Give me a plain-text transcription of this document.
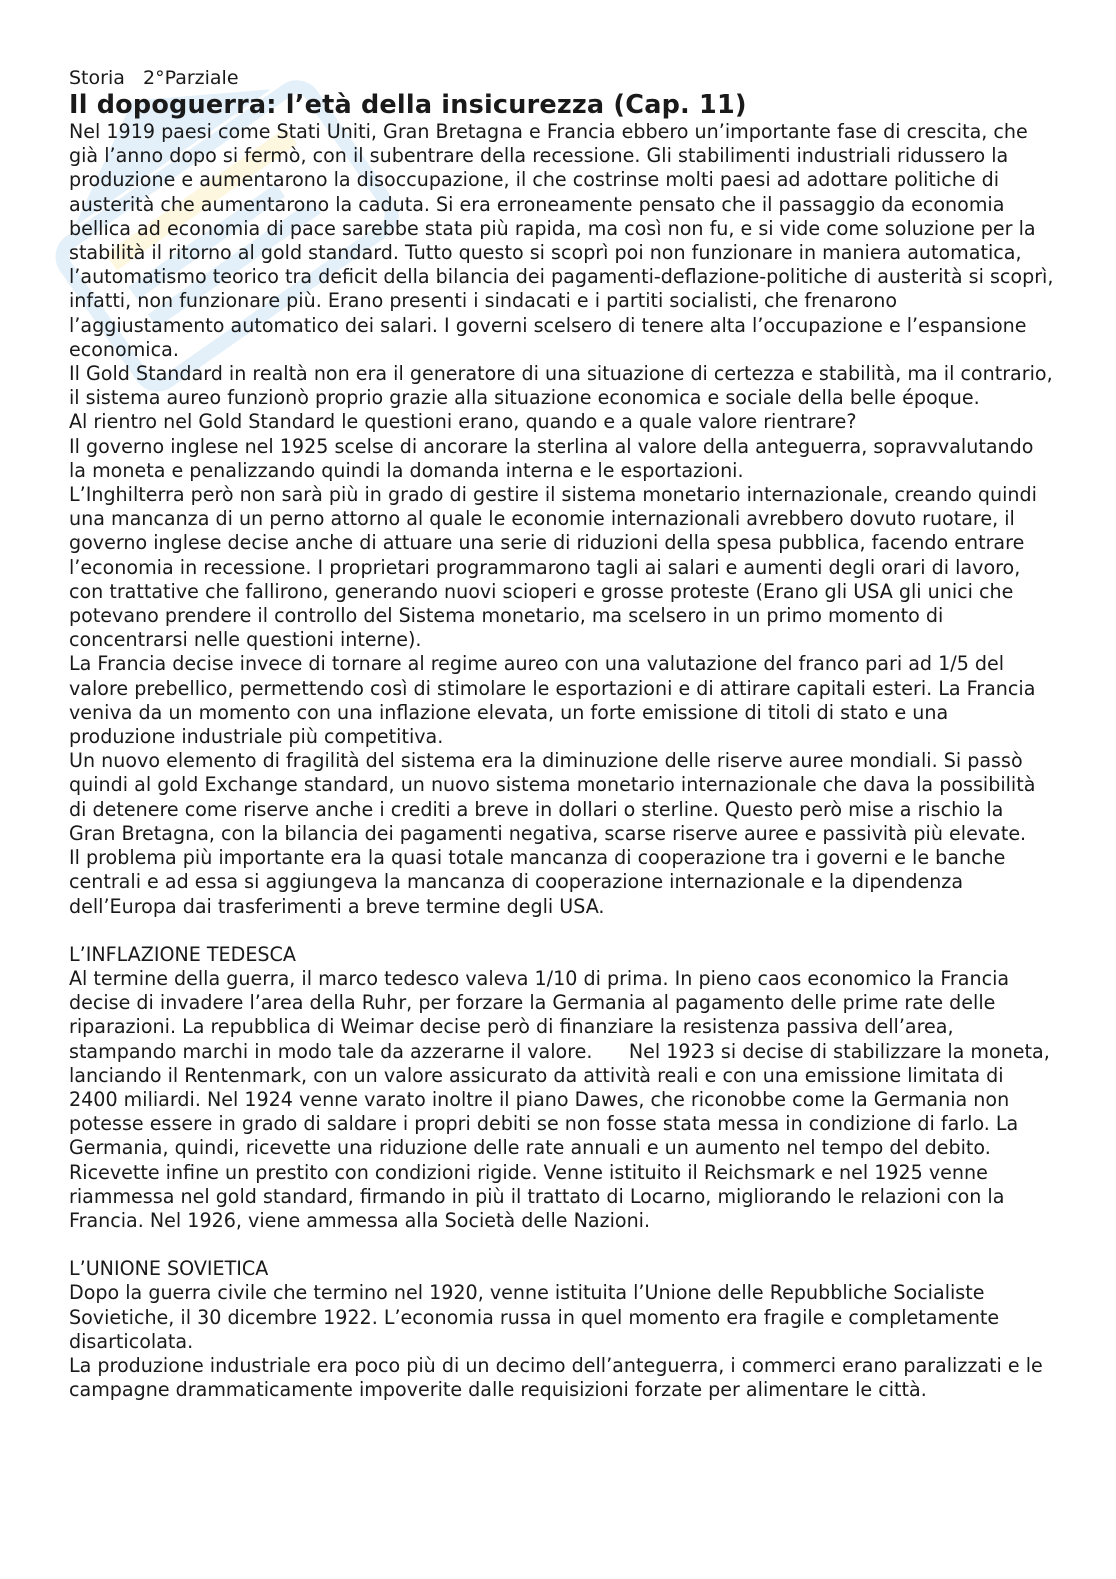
Storia 2°Parziale
Il dopoguerra: l’età della insicurezza (Cap. 11)

Nel 1919 paesi come Stati Uniti, Gran Bretagna e Francia ebbero un’importante fase di crescita, che già l’anno dopo si fermò, con il subentrare della recessione. Gli stabilimenti industriali ridussero la produzione e aumentarono la disoccupazione, il che costrinse molti paesi ad adottare politiche di austerità che aumentarono la caduta. Si era erroneamente pensato che il passaggio da economia bellica ad economia di pace sarebbe stata più rapida, ma così non fu, e si vide come soluzione per la stabilità il ritorno al gold standard. Tutto questo si scoprì poi non funzionare in maniera automatica, l’automatismo teorico tra deficit della bilancia dei pagamenti-deflazione-politiche di austerità si scoprì, infatti, non funzionare più. Erano presenti i sindacati e i partiti socialisti, che frenarono l’aggiustamento automatico dei salari. I governi scelsero di tenere alta l’occupazione e l’espansione economica.

Il Gold Standard in realtà non era il generatore di una situazione di certezza e stabilità, ma il contrario, il sistema aureo funzionò proprio grazie alla situazione economica e sociale della belle époque.

Al rientro nel Gold Standard le questioni erano, quando e a quale valore rientrare?

Il governo inglese nel 1925 scelse di ancorare la sterlina al valore della anteguerra, sopravvalutando la moneta e penalizzando quindi la domanda interna e le esportazioni.

L’Inghilterra però non sarà più in grado di gestire il sistema monetario internazionale, creando quindi una mancanza di un perno attorno al quale le economie internazionali avrebbero dovuto ruotare, il governo inglese decise anche di attuare una serie di riduzioni della spesa pubblica, facendo entrare l’economia in recessione. I proprietari programmarono tagli ai salari e aumenti degli orari di lavoro, con trattative che fallirono, generando nuovi scioperi e grosse proteste (Erano gli USA gli unici che potevano prendere il controllo del Sistema monetario, ma scelsero in un primo momento di concentrarsi nelle questioni interne).

La Francia decise invece di tornare al regime aureo con una valutazione del franco pari ad 1/5 del valore prebellico, permettendo così di stimolare le esportazioni e di attirare capitali esteri. La Francia veniva da un momento con una inflazione elevata, un forte emissione di titoli di stato e una produzione industriale più competitiva.

Un nuovo elemento di fragilità del sistema era la diminuzione delle riserve auree mondiali. Si passò quindi al gold Exchange standard, un nuovo sistema monetario internazionale che dava la possibilità di detenere come riserve anche i crediti a breve in dollari o sterline. Questo però mise a rischio la Gran Bretagna, con la bilancia dei pagamenti negativa, scarse riserve auree e passività più elevate.

Il problema più importante era la quasi totale mancanza di cooperazione tra i governi e le banche centrali e ad essa si aggiungeva la mancanza di cooperazione internazionale e la dipendenza dell’Europa dai trasferimenti a breve termine degli USA.

L’INFLAZIONE TEDESCA

Al termine della guerra, il marco tedesco valeva 1/10 di prima. In pieno caos economico la Francia decise di invadere l’area della Ruhr, per forzare la Germania al pagamento delle prime rate delle riparazioni. La repubblica di Weimar decise però di finanziare la resistenza passiva dell’area, stampando marchi in modo tale da azzerarne il valore.      Nel 1923 si decise di stabilizzare la moneta, lanciando il Rentenmark, con un valore assicurato da attività reali e con una emissione limitata di 2400 miliardi. Nel 1924 venne varato inoltre il piano Dawes, che riconobbe come la Germania non potesse essere in grado di saldare i propri debiti se non fosse stata messa in condizione di farlo. La Germania, quindi, ricevette una riduzione delle rate annuali e un aumento nel tempo del debito. Ricevette infine un prestito con condizioni rigide. Venne istituito il Reichsmark e nel 1925 venne riammessa nel gold standard, firmando in più il trattato di Locarno, migliorando le relazioni con la Francia. Nel 1926, viene ammessa alla Società delle Nazioni.

L’UNIONE SOVIETICA

Dopo la guerra civile che termino nel 1920, venne istituita l’Unione delle Repubbliche Socialiste Sovietiche, il 30 dicembre 1922. L’economia russa in quel momento era fragile e completamente disarticolata.

La produzione industriale era poco più di un decimo dell’anteguerra, i commerci erano paralizzati e le campagne drammaticamente impoverite dalle requisizioni forzate per alimentare le città.
